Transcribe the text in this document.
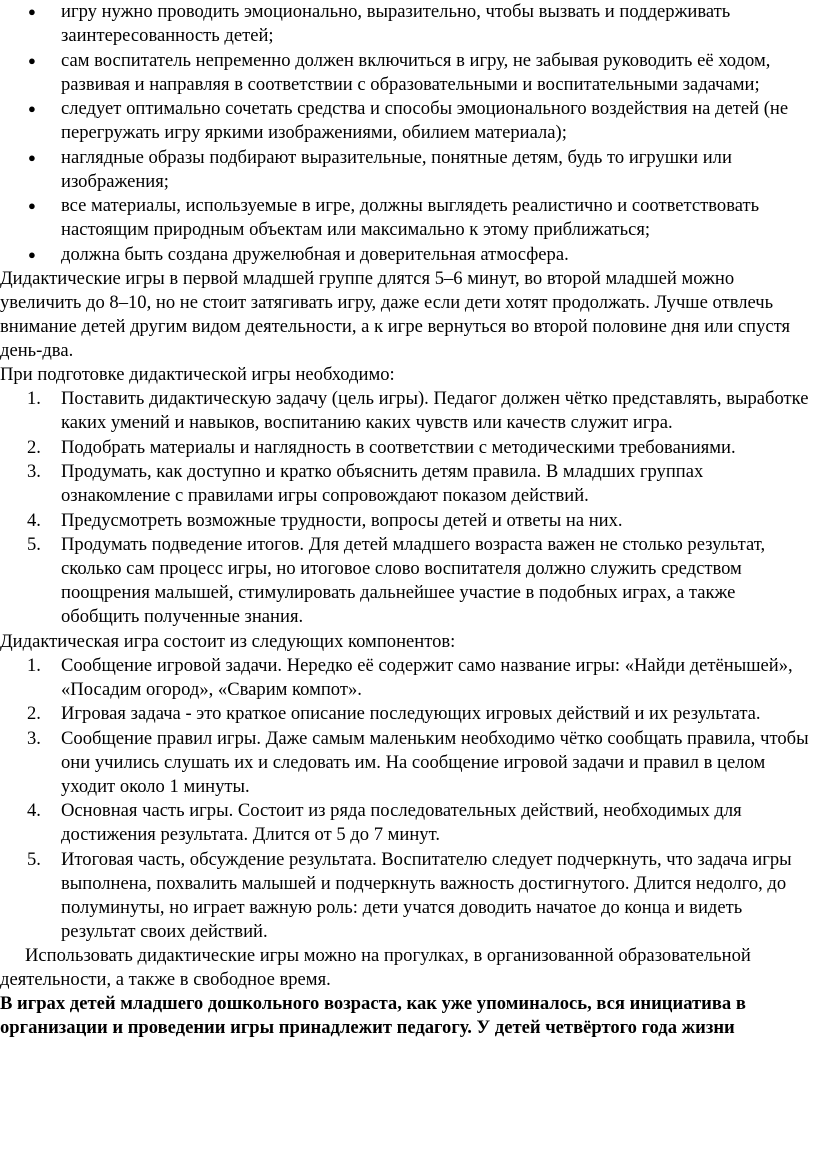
● игру нужно проводить эмоционально, выразительно, чтобы вызвать и поддерживать заинтересованность детей;
● сам воспитатель непременно должен включиться в игру, не забывая руководить её ходом, развивая и направляя в соответствии с образовательными и воспитательными задачами;
● следует оптимально сочетать средства и способы эмоционального воздействия на детей (не перегружать игру яркими изображениями, обилием материала);
● наглядные образы подбирают выразительные, понятные детям, будь то игрушки или изображения;
● все материалы, используемые в игре, должны выглядеть реалистично и соответствовать настоящим природным объектам или максимально к этому приближаться;
● должна быть создана дружелюбная и доверительная атмосфера.

Дидактические игры в первой младшей группе длятся 5–6 минут, во второй младшей можно увеличить до 8–10, но не стоит затягивать игру, даже если дети хотят продолжать. Лучше отвлечь внимание детей другим видом деятельности, а к игре вернуться во второй половине дня или спустя день-два.

При подготовке дидактической игры необходимо:

1. Поставить дидактическую задачу (цель игры). Педагог должен чётко представлять, выработке каких умений и навыков, воспитанию каких чувств или качеств служит игра.
2. Подобрать материалы и наглядность в соответствии с методическими требованиями.
3. Продумать, как доступно и кратко объяснить детям правила. В младших группах ознакомление с правилами игры сопровождают показом действий.
4. Предусмотреть возможные трудности, вопросы детей и ответы на них.
5. Продумать подведение итогов. Для детей младшего возраста важен не столько результат, сколько сам процесс игры, но итоговое слово воспитателя должно служить средством поощрения малышей, стимулировать дальнейшее участие в подобных играх, а также обобщить полученные знания.

Дидактическая игра состоит из следующих компонентов:

1. Сообщение игровой задачи. Нередко её содержит само название игры: «Найди детёнышей», «Посадим огород», «Сварим компот».
2. Игровая задача - это краткое описание последующих игровых действий и их результата.
3. Сообщение правил игры. Даже самым маленьким необходимо чётко сообщать правила, чтобы они учились слушать их и следовать им. На сообщение игровой задачи и правил в целом уходит около 1 минуты.
4. Основная часть игры. Состоит из ряда последовательных действий, необходимых для достижения результата. Длится от 5 до 7 минут.
5. Итоговая часть, обсуждение результата. Воспитателю следует подчеркнуть, что задача игры выполнена, похвалить малышей и подчеркнуть важность достигнутого. Длится недолго, до полуминуты, но играет важную роль: дети учатся доводить начатое до конца и видеть результат своих действий.

Использовать дидактические игры можно на прогулках, в организованной образовательной деятельности, а также в свободное время.

В играх детей младшего дошкольного возраста, как уже упоминалось, вся инициатива в организации и проведении игры принадлежит педагогу. У детей четвёртого года жизни
